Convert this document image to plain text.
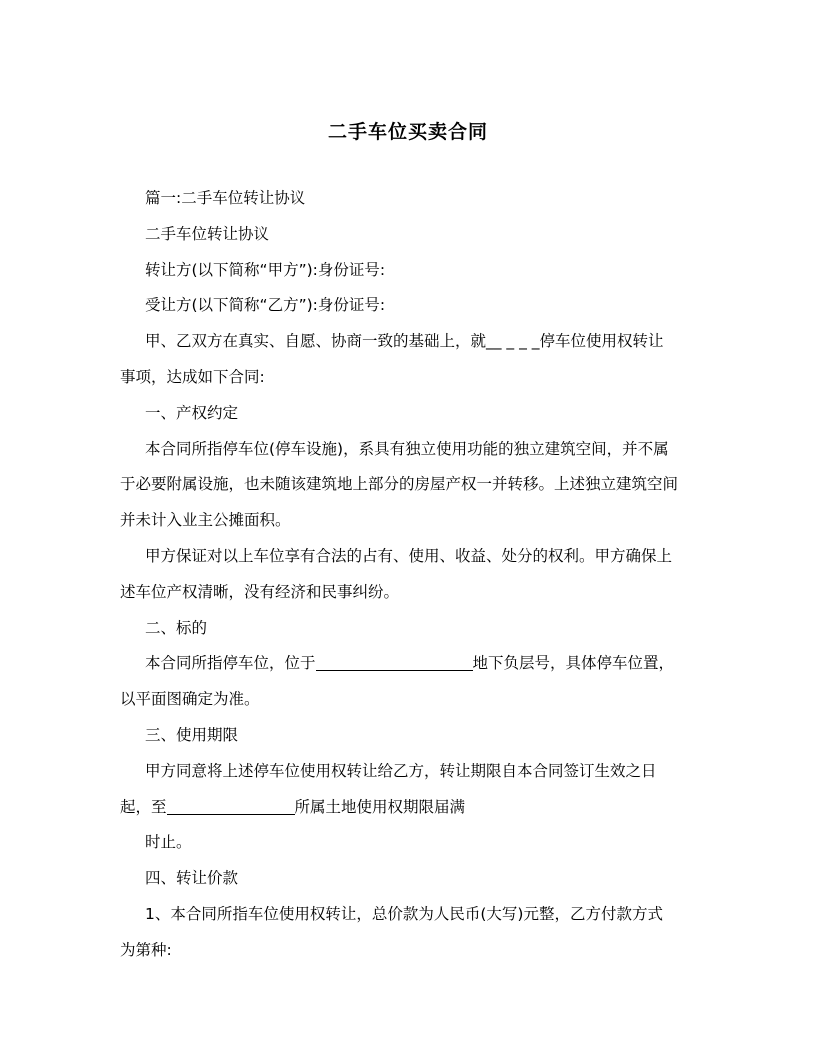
二手车位买卖合同

篇一:二手车位转让协议

二手车位转让协议

转让方(以下简称“甲方”):身份证号:

受让方(以下简称“乙方”):身份证号:

甲、乙双方在真实、自愿、协商一致的基础上，就__ _ _ _停车位使用权转让

事项，达成如下合同:

一、产权约定

本合同所指停车位(停车设施)，系具有独立使用功能的独立建筑空间，并不属

于必要附属设施，也未随该建筑地上部分的房屋产权一并转移。上述独立建筑空间
并未计入业主公摊面积。

甲方保证对以上车位享有合法的占有、使用、收益、处分的权利。甲方确保上

述车位产权清晰，没有经济和民事纠纷。

二、标的

本合同所指停车位，位于	地下负层号，具体停车位置，

以平面图确定为准。

三、使用期限

甲方同意将上述停车位使用权转让给乙方，转让期限自本合同签订生效之日

起，至	所属土地使用权期限届满

时止。

四、转让价款

1、本合同所指车位使用权转让，总价款为人民币(大写)元整，乙方付款方式

为第种:
